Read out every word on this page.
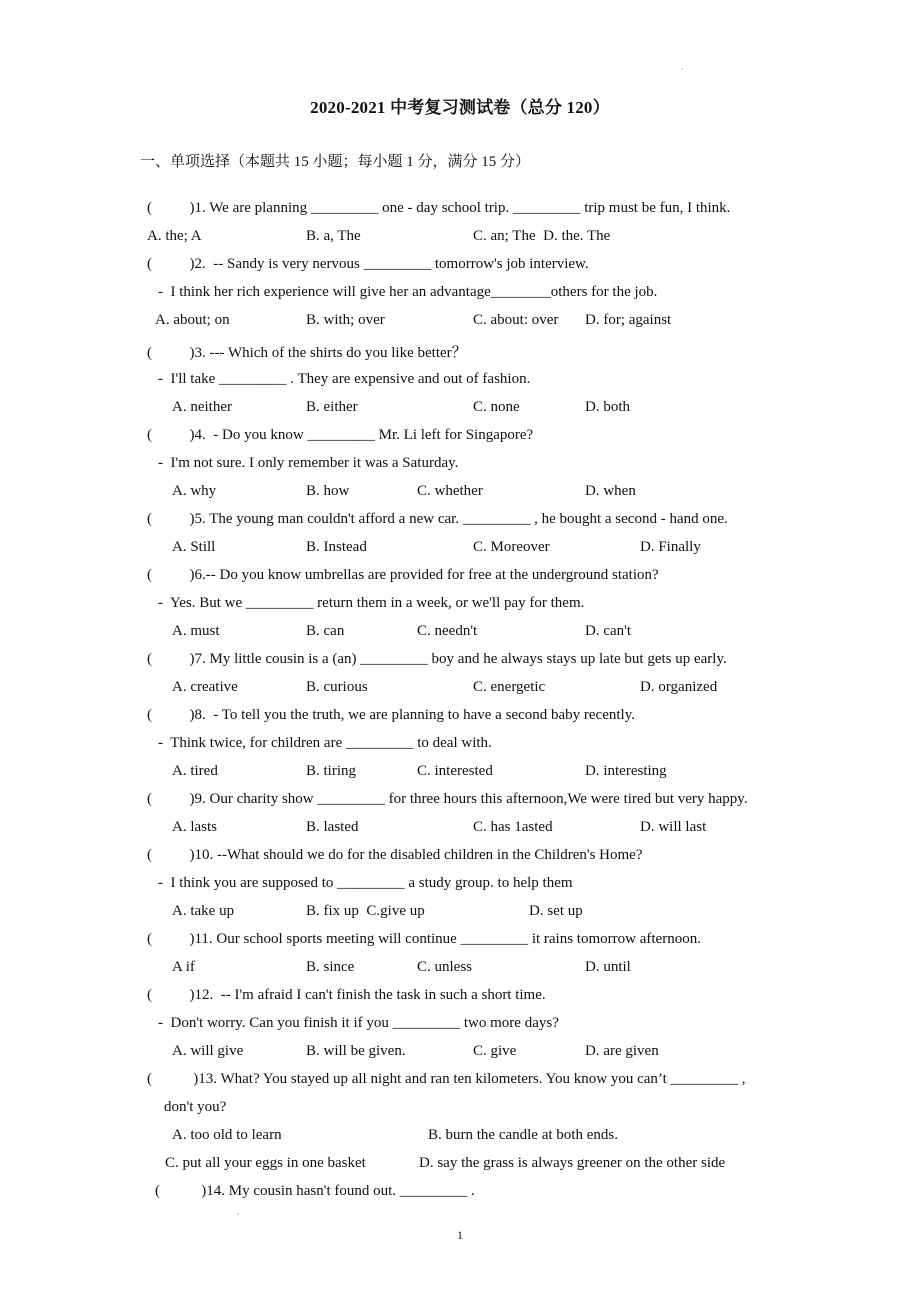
2020-2021 中考复习测试卷（总分 120）
一、单项选择（本题共 15 小题；每小题 1 分，满分 15 分）
(          )1. We are planning _________ one - day school trip. _________ trip must be fun, I think.
A. the; A	B. a, The	C. an; The  D. the. The
(          )2.  -- Sandy is very nervous _________ tomorrow's job interview.
-  I think her rich experience will give her an advantage________others for the job.
A. about; on	B. with; over	C. about: over D. for; against
(          )3. --- Which of the shirts do you like better？
-  I'll take _________ . They are expensive and out of fashion.
A. neither	B. either	C. none	D. both
(          )4.  - Do you know _________ Mr. Li left for Singapore?
-  I'm not sure. I only remember it was a Saturday.
A. why	B. how	C. whether	D. when
(          )5. The young man couldn't afford a new car. _________ , he bought a second - hand one.
A. Still	B. Instead	C. Moreover	D. Finally
(          )6.-- Do you know umbrellas are provided for free at the underground station?
-  Yes. But we _________ return them in a week, or we'll pay for them.
A. must	B. can	C. needn't	D. can't
(          )7. My little cousin is a (an) _________ boy and he always stays up late but gets up early.
A. creative	B. curious	C. energetic	D. organized
(          )8.  - To tell you the truth, we are planning to have a second baby recently.
-  Think twice, for children are _________ to deal with.
A. tired	B. tiring	C. interested	D. interesting
(          )9. Our charity show _________ for three hours this afternoon,We were tired but very happy.
A. lasts	B. lasted	C. has 1asted	D. will last
(          )10. --What should we do for the disabled children in the Children's Home?
-  I think you are supposed to _________ a study group. to help them
A. take up	B. fix up  C.give up	D. set up
(          )11. Our school sports meeting will continue _________ it rains tomorrow afternoon.
A if	B. since	C. unless	D. until
(          )12.  -- I'm afraid I can't finish the task in such a short time.
-  Don't worry. Can you finish it if you _________ two more days?
A. will give	B. will be given.	C. give	D. are given
(           )13. What? You stayed up all night and ran ten kilometers. You know you can’t _________ ,
don't you?
A. too old to learn	B. burn the candle at both ends.
C. put all your eggs in one basket	D. say the grass is always greener on the other side
(           )14. My cousin hasn't found out. _________ .
1
